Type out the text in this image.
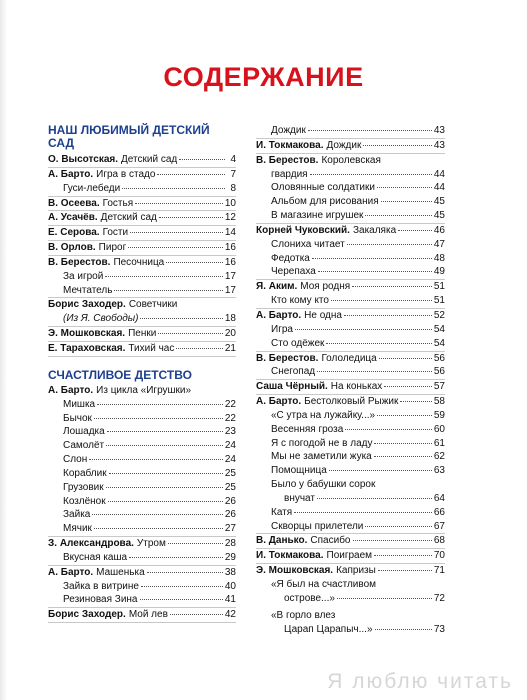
СОДЕРЖАНИЕ
НАШ ЛЮБИМЫЙ ДЕТСКИЙ САД
О. Высотская. Детский сад	4
А. Барто. Игра в стадо	7
Гуси-лебеди	8
В. Осеева. Гостья	10
А. Усачёв. Детский сад	12
Е. Серова. Гости	14
В. Орлов. Пирог	16
В. Берестов. Песочница	16
За игрой	17
Мечтатель	17
Борис Заходер. Советчики
(Из Я. Свободы)	18
Э. Мошковская. Пенки	20
Е. Тараховская. Тихий час	21
СЧАСТЛИВОЕ ДЕТСТВО
А. Барто. Из цикла «Игрушки»
Мишка	22
Бычок	22
Лошадка	23
Самолёт	24
Слон	24
Кораблик	25
Грузовик	25
Козлёнок	26
Зайка	26
Мячик	27
З. Александрова. Утром	28
Вкусная каша	29
А. Барто. Машенька	38
Зайка в витрине	40
Резиновая Зина	41
Борис Заходер. Мой лев	42
Дождик	43
И. Токмакова. Дождик	43
В. Берестов. Королевская
гвардия	44
Оловянные солдатики	44
Альбом для рисования	45
В магазине игрушек	45
Корней Чуковский. Закаляка	46
Слониха читает	47
Федотка	48
Черепаха	49
Я. Аким. Моя родня	51
Кто кому кто	51
А. Барто. Не одна	52
Игра	54
Сто одёжек	54
В. Берестов. Гололедица	56
Снегопад	56
Саша Чёрный. На коньках	57
А. Барто. Бестолковый Рыжик	58
«С утра на лужайку...»	59
Весенняя гроза	60
Я с погодой не в ладу	61
Мы не заметили жука	62
Помощница	63
Было у бабушки сорок
внучат	64
Катя	66
Скворцы прилетели	67
В. Данько. Спасибо	68
И. Токмакова. Поиграем	70
Э. Мошковская. Капризы	71
«Я был на счастливом
острове...»	72
«В горло влез
Царап Царапыч...»	73
Я люблю читать
